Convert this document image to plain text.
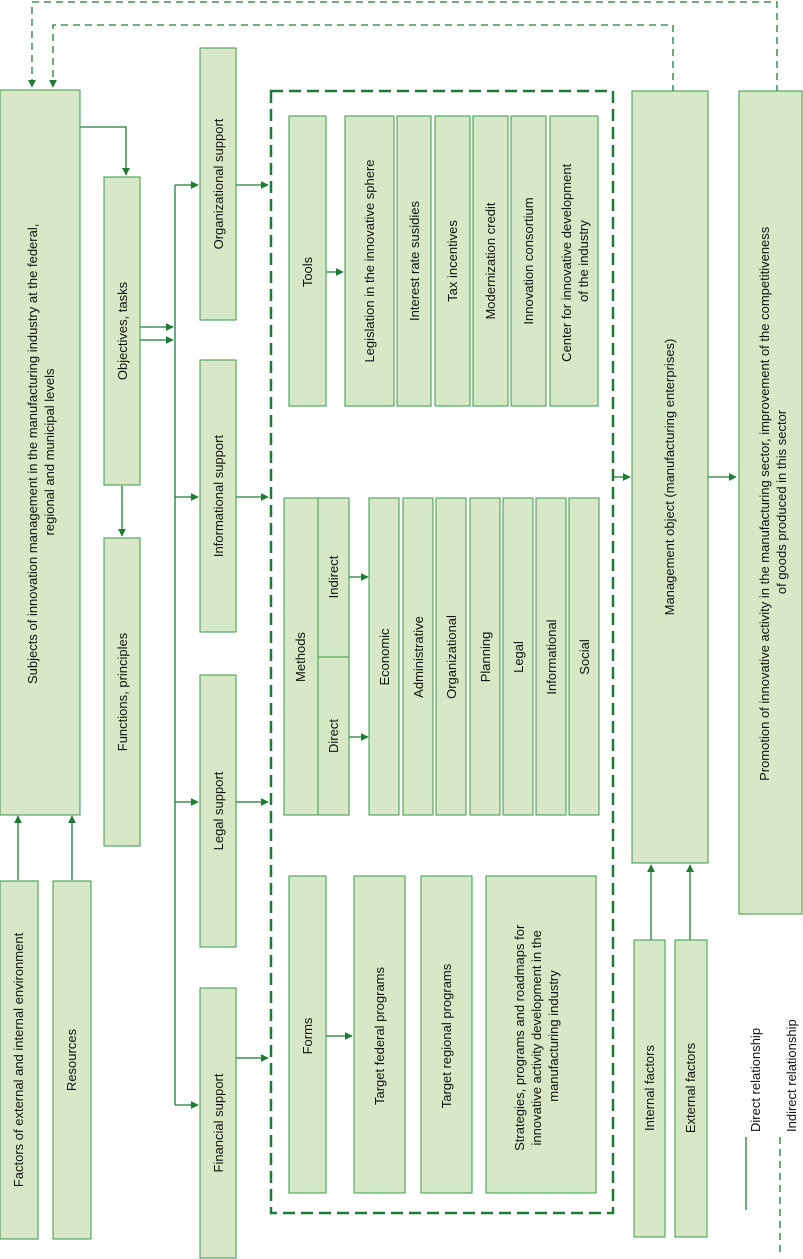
Subjects of innovation management in the manufacturing industry at the federal, regional and municipal levels
Factors of external and internal environment	Resources
Objectives, tasks
Functions, principles
Organizational support
Informational support
Legal support
Financial support
Tools	Legislation in the innovative sphere Interest rate susidies Tax incentives Modernization credit Innovation consortium Center for innovative development of the industry
Methods
Indirect
Direct
Economic Administrative Organizational Planning Legal Informational Social
Forms	Target federal programs	Target regional programs	Strategies, programs and roadmaps for innovative activity development in the manufacturing industry
Management object (manufacturing enterprises)
Internal factors External factors
Promotion of innovative activity in the manufacturing sector, improvement of the competitiveness of goods produced in this sector
Direct relationship Indirect relationship
